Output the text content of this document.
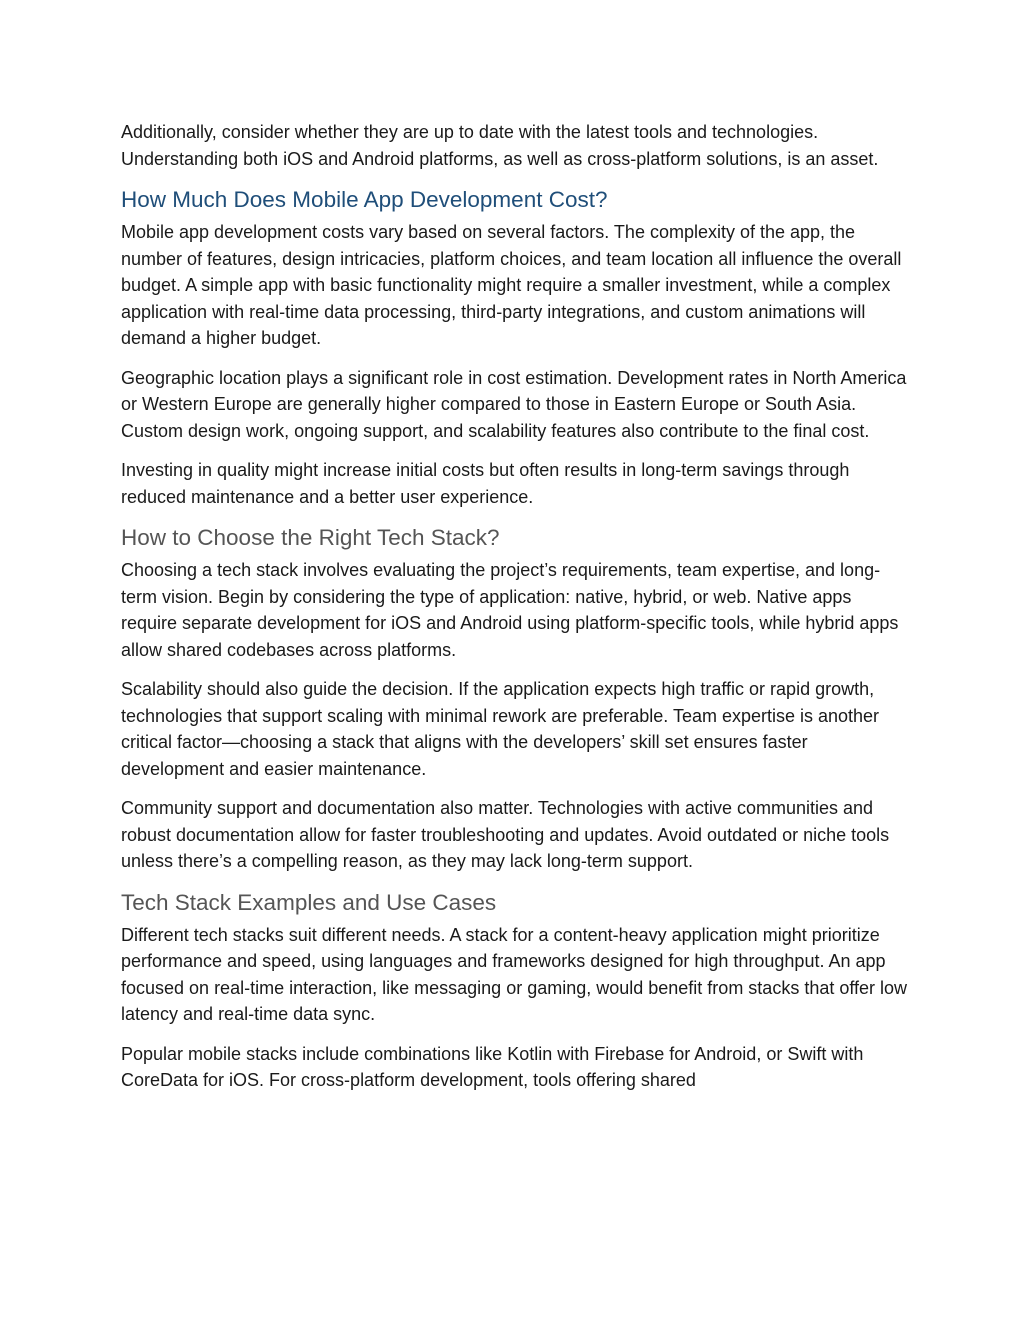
Additionally, consider whether they are up to date with the latest tools and technologies. Understanding both iOS and Android platforms, as well as cross-platform solutions, is an asset.

How Much Does Mobile App Development Cost?

Mobile app development costs vary based on several factors. The complexity of the app, the number of features, design intricacies, platform choices, and team location all influence the overall budget. A simple app with basic functionality might require a smaller investment, while a complex application with real-time data processing, third-party integrations, and custom animations will demand a higher budget.

Geographic location plays a significant role in cost estimation. Development rates in North America or Western Europe are generally higher compared to those in Eastern Europe or South Asia. Custom design work, ongoing support, and scalability features also contribute to the final cost.

Investing in quality might increase initial costs but often results in long-term savings through reduced maintenance and a better user experience.

How to Choose the Right Tech Stack?

Choosing a tech stack involves evaluating the project’s requirements, team expertise, and long-term vision. Begin by considering the type of application: native, hybrid, or web. Native apps require separate development for iOS and Android using platform-specific tools, while hybrid apps allow shared codebases across platforms.

Scalability should also guide the decision. If the application expects high traffic or rapid growth, technologies that support scaling with minimal rework are preferable. Team expertise is another critical factor—choosing a stack that aligns with the developers’ skill set ensures faster development and easier maintenance.

Community support and documentation also matter. Technologies with active communities and robust documentation allow for faster troubleshooting and updates. Avoid outdated or niche tools unless there’s a compelling reason, as they may lack long-term support.

Tech Stack Examples and Use Cases

Different tech stacks suit different needs. A stack for a content-heavy application might prioritize performance and speed, using languages and frameworks designed for high throughput. An app focused on real-time interaction, like messaging or gaming, would benefit from stacks that offer low latency and real-time data sync.

Popular mobile stacks include combinations like Kotlin with Firebase for Android, or Swift with CoreData for iOS. For cross-platform development, tools offering shared
